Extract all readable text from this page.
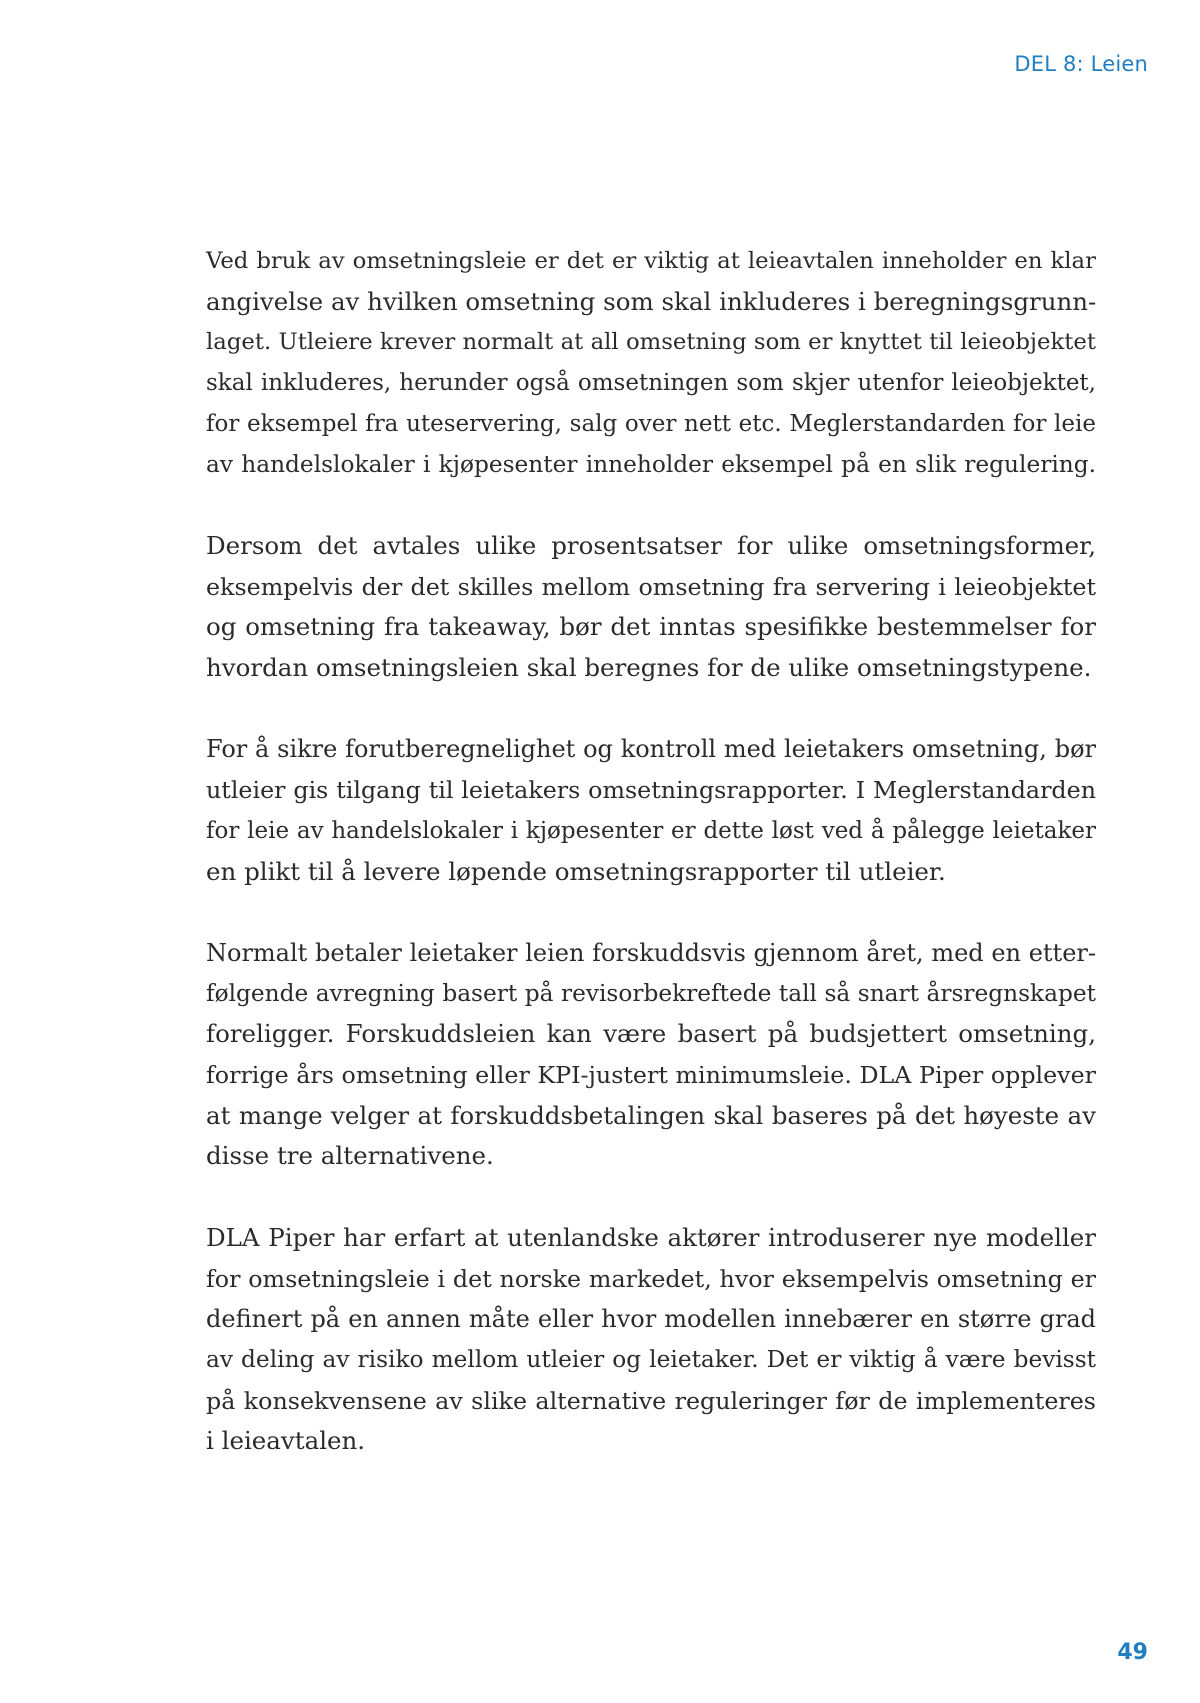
DEL 8: Leien

Ved bruk av omsetningsleie er det er viktig at leieavtalen inneholder en klar
angivelse av hvilken omsetning som skal inkluderes i beregningsgrunn-
laget. Utleiere krever normalt at all omsetning som er knyttet til leieobjektet
skal inkluderes, herunder også omsetningen som skjer utenfor leieobjektet,
for eksempel fra uteservering, salg over nett etc. Meglerstandarden for leie
av handelslokaler i kjøpesenter inneholder eksempel på en slik regulering.

Dersom det avtales ulike prosentsatser for ulike omsetningsformer,
eksempelvis der det skilles mellom omsetning fra servering i leieobjektet
og omsetning fra takeaway, bør det inntas spesifikke bestemmelser for
hvordan omsetningsleien skal beregnes for de ulike omsetningstypene.

For å sikre forutberegnelighet og kontroll med leietakers omsetning, bør
utleier gis tilgang til leietakers omsetningsrapporter. I Meglerstandarden
for leie av handelslokaler i kjøpesenter er dette løst ved å pålegge leietaker
en plikt til å levere løpende omsetningsrapporter til utleier.

Normalt betaler leietaker leien forskuddsvis gjennom året, med en etter-
følgende avregning basert på revisorbekreftede tall så snart årsregnskapet
foreligger. Forskuddsleien kan være basert på budsjettert omsetning,
forrige års omsetning eller KPI-justert minimumsleie. DLA Piper opplever
at mange velger at forskuddsbetalingen skal baseres på det høyeste av
disse tre alternativene.

DLA Piper har erfart at utenlandske aktører introduserer nye modeller
for omsetningsleie i det norske markedet, hvor eksempelvis omsetning er
definert på en annen måte eller hvor modellen innebærer en større grad
av deling av risiko mellom utleier og leietaker. Det er viktig å være bevisst
på konsekvensene av slike alternative reguleringer før de implementeres
i leieavtalen.

49
